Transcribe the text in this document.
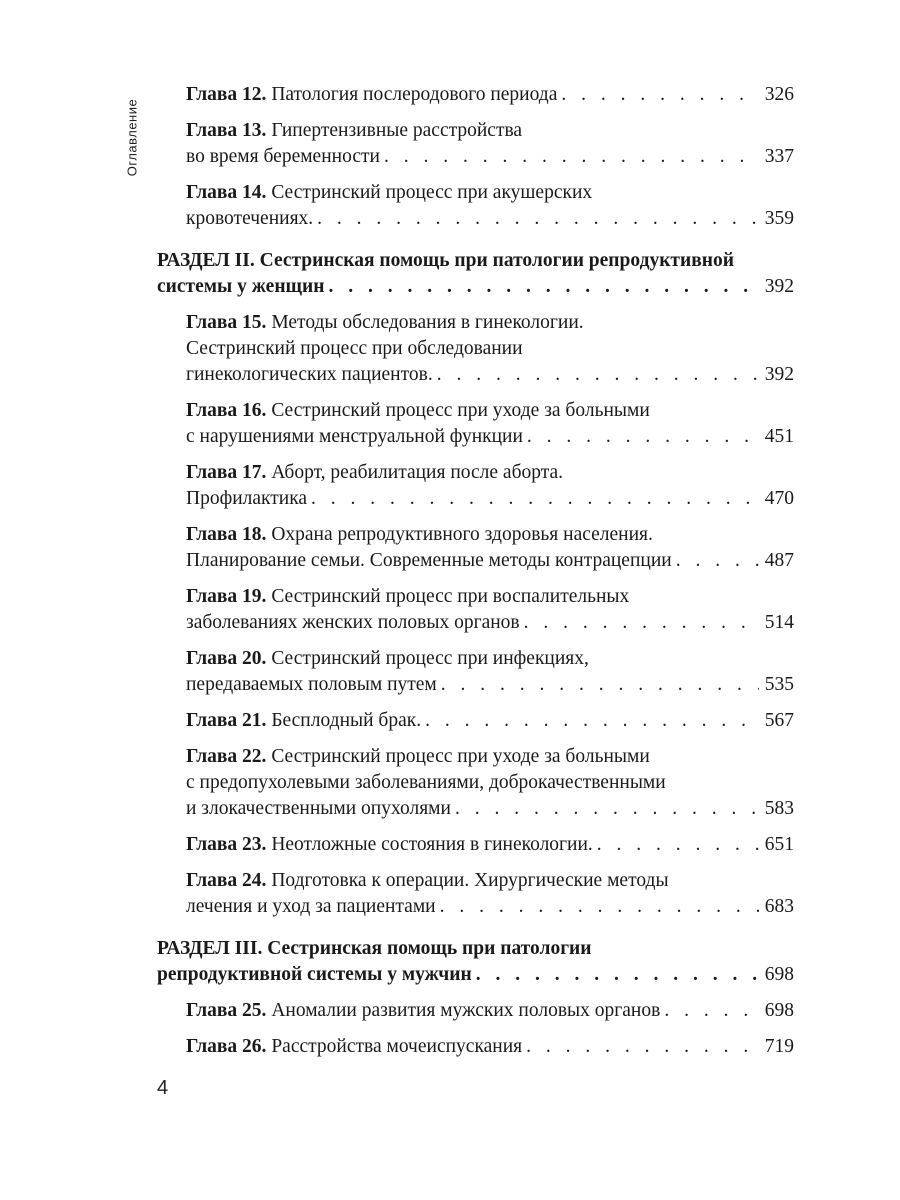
Оглавление
Глава 12. Патология послеродового периода . . .	326
Глава 13. Гипертензивные расстройства
во время беременности . . .	337
Глава 14. Сестринский процесс при акушерских
кровотечениях. . . .	359
РАЗДЕЛ II. Сестринская помощь при патологии репродуктивной
системы у женщин . . .	392
Глава 15. Методы обследования в гинекологии.
Сестринский процесс при обследовании
гинекологических пациентов. . . .	392
Глава 16. Сестринский процесс при уходе за больными
с нарушениями менструальной функции . . .	451
Глава 17. Аборт, реабилитация после аборта.
Профилактика . . .	470
Глава 18. Охрана репродуктивного здоровья населения.
Планирование семьи. Современные методы контрацепции . . .	487
Глава 19. Сестринский процесс при воспалительных
заболеваниях женских половых органов . . .	514
Глава 20. Сестринский процесс при инфекциях,
передаваемых половым путем . . .	535
Глава 21. Бесплодный брак. . . .	567
Глава 22. Сестринский процесс при уходе за больными
с предопухолевыми заболеваниями, доброкачественными
и злокачественными опухолями . . .	583
Глава 23. Неотложные состояния в гинекологии. . . .	651
Глава 24. Подготовка к операции. Хирургические методы
лечения и уход за пациентами . . .	683
РАЗДЕЛ III. Сестринская помощь при патологии
репродуктивной системы у мужчин . . .	698
Глава 25. Аномалии развития мужских половых органов . . .	698
Глава 26. Расстройства мочеиспускания . . .	719
4
